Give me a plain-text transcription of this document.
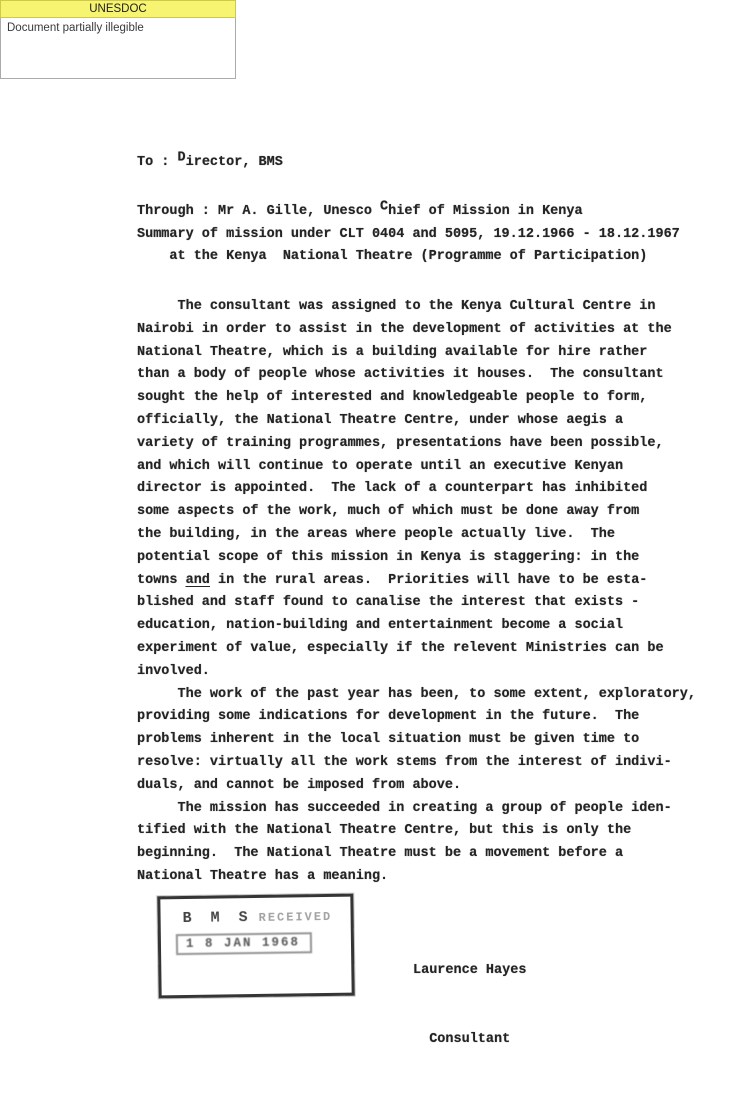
UNESDOC
Document partially illegible
To : Director, BMS
Through : Mr A. Gille, Unesco Chief of Mission in Kenya
Summary of mission under CLT 0404 and 5095, 19.12.1966 - 18.12.1967
at the Kenya  National Theatre (Programme of Participation)
The consultant was assigned to the Kenya Cultural Centre in
Nairobi in order to assist in the development of activities at the
National Theatre, which is a building available for hire rather
than a body of people whose activities it houses.  The consultant
sought the help of interested and knowledgeable people to form,
officially, the National Theatre Centre, under whose aegis a
variety of training programmes, presentations have been possible,
and which will continue to operate until an executive Kenyan
director is appointed.  The lack of a counterpart has inhibited
some aspects of the work, much of which must be done away from
the building, in the areas where people actually live.  The
potential scope of this mission in Kenya is staggering: in the
towns and in the rural areas.  Priorities will have to be esta-
blished and staff found to canalise the interest that exists -
education, nation-building and entertainment become a social
experiment of value, especially if the relevent Ministries can be
involved.
The work of the past year has been, to some extent, exploratory,
providing some indications for development in the future.  The
problems inherent in the local situation must be given time to
resolve: virtually all the work stems from the interest of indivi-
duals, and cannot be imposed from above.
The mission has succeeded in creating a group of people iden-
tified with the National Theatre Centre, but this is only the
beginning.  The National Theatre must be a movement before a
National Theatre has a meaning.
B M S RECEIVED
1 8 JAN 1968

Laurence Hayes

Consultant
